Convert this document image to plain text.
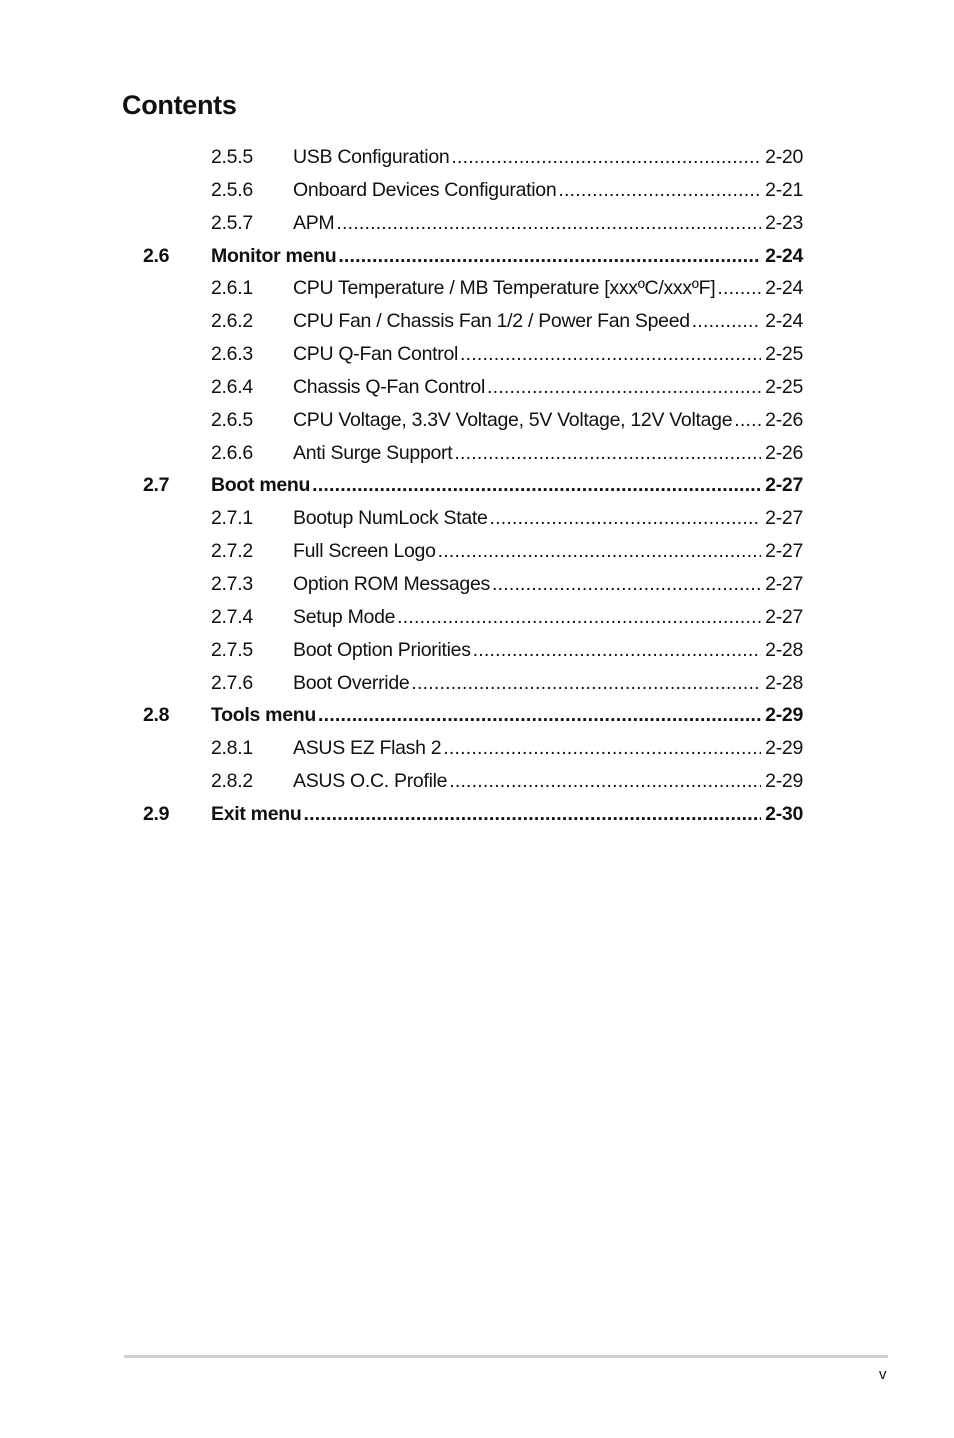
Contents
2.5.5 USB Configuration .....	2-20
2.5.6 Onboard Devices Configuration .....	2-21
2.5.7 APM .....	2-23
2.6 Monitor menu .....	2-24
2.6.1 CPU Temperature / MB Temperature [xxxºC/xxxºF] .....	2-24
2.6.2 CPU Fan / Chassis Fan 1/2 / Power Fan Speed .....	2-24
2.6.3 CPU Q-Fan Control .....	2-25
2.6.4 Chassis Q-Fan Control .....	2-25
2.6.5 CPU Voltage, 3.3V Voltage, 5V Voltage, 12V Voltage ..... 2-26
2.6.6 Anti Surge Support .....	2-26
2.7 Boot menu .....	2-27
2.7.1 Bootup NumLock State .....	2-27
2.7.2 Full Screen Logo .....	2-27
2.7.3 Option ROM Messages .....	2-27
2.7.4 Setup Mode .....	2-27
2.7.5 Boot Option Priorities .....	2-28
2.7.6 Boot Override .....	2-28
2.8 Tools menu .....	2-29
2.8.1 ASUS EZ Flash 2 .....	2-29
2.8.2 ASUS O.C. Profile .....	2-29
2.9 Exit menu .....	2-30
v
